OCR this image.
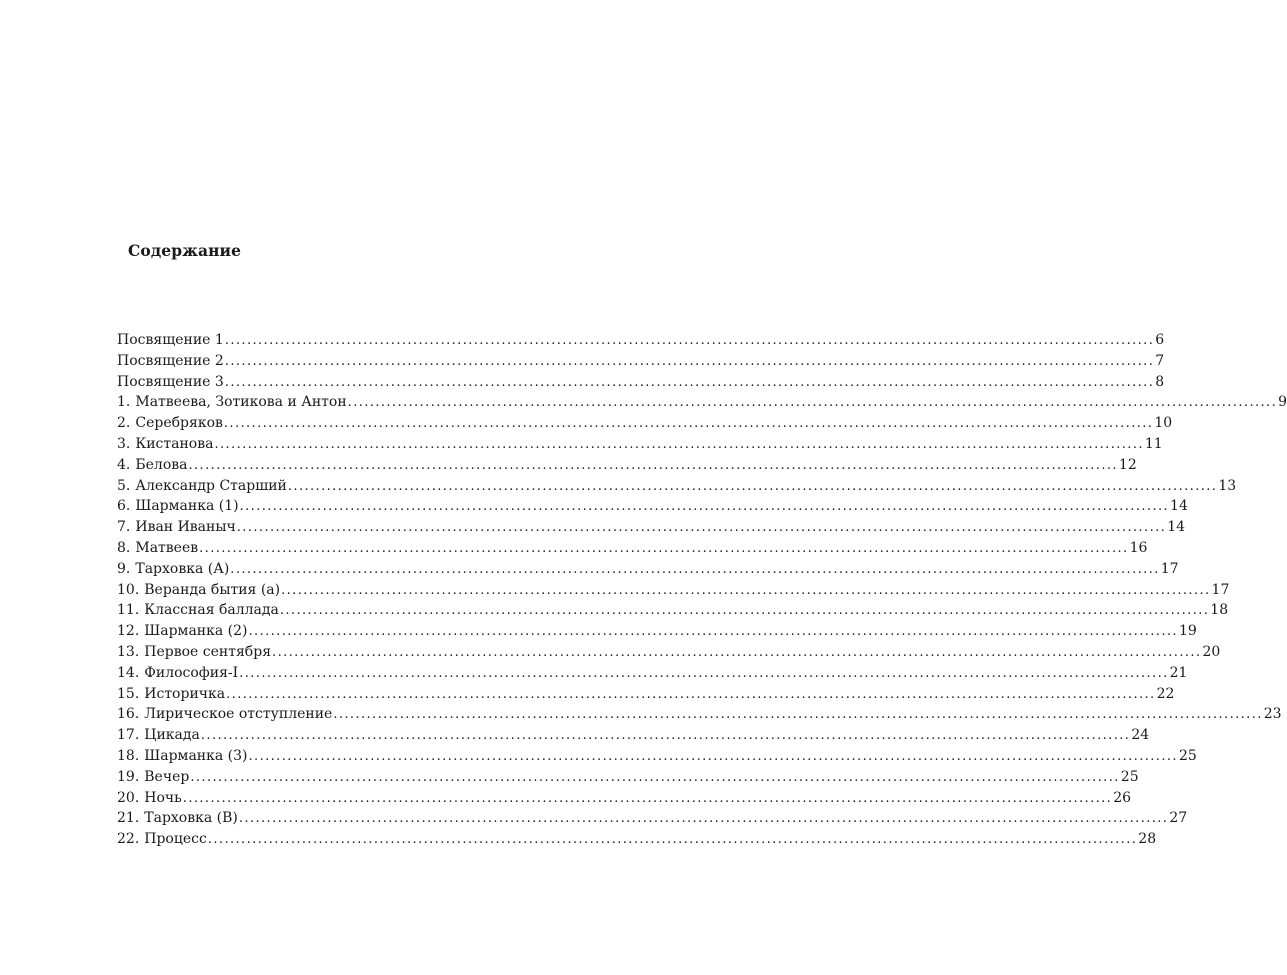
Содержание
Посвящение 1 ........................................................................................................................................................................ 6
Посвящение 2 ........................................................................................................................................................................ 7
Посвящение 3 ........................................................................................................................................................................ 8
1. Матвеева, Зотикова и Антон ........................................................................................................................................................................ 9
2. Серебряков ........................................................................................................................................................................ 10
3. Кистанова ........................................................................................................................................................................ 11
4. Белова ........................................................................................................................................................................ 12
5. Александр Старший ........................................................................................................................................................................ 13
6. Шарманка (1) ........................................................................................................................................................................ 14
7. Иван Иваныч ........................................................................................................................................................................ 14
8. Матвеев ........................................................................................................................................................................ 16
9. Тарховка (А) ........................................................................................................................................................................ 17
10. Веранда бытия (а) ........................................................................................................................................................................ 17
11. Классная баллада ........................................................................................................................................................................ 18
12. Шарманка (2) ........................................................................................................................................................................ 19
13. Первое сентября ........................................................................................................................................................................ 20
14. Философия-I ........................................................................................................................................................................ 21
15. Историчка ........................................................................................................................................................................ 22
16. Лирическое отступление ........................................................................................................................................................................ 23
17. Цикада ........................................................................................................................................................................ 24
18. Шарманка (3) ........................................................................................................................................................................ 25
19. Вечер ........................................................................................................................................................................ 25
20. Ночь ........................................................................................................................................................................ 26
21. Тарховка (В) ........................................................................................................................................................................ 27
22. Процесс ........................................................................................................................................................................ 28
